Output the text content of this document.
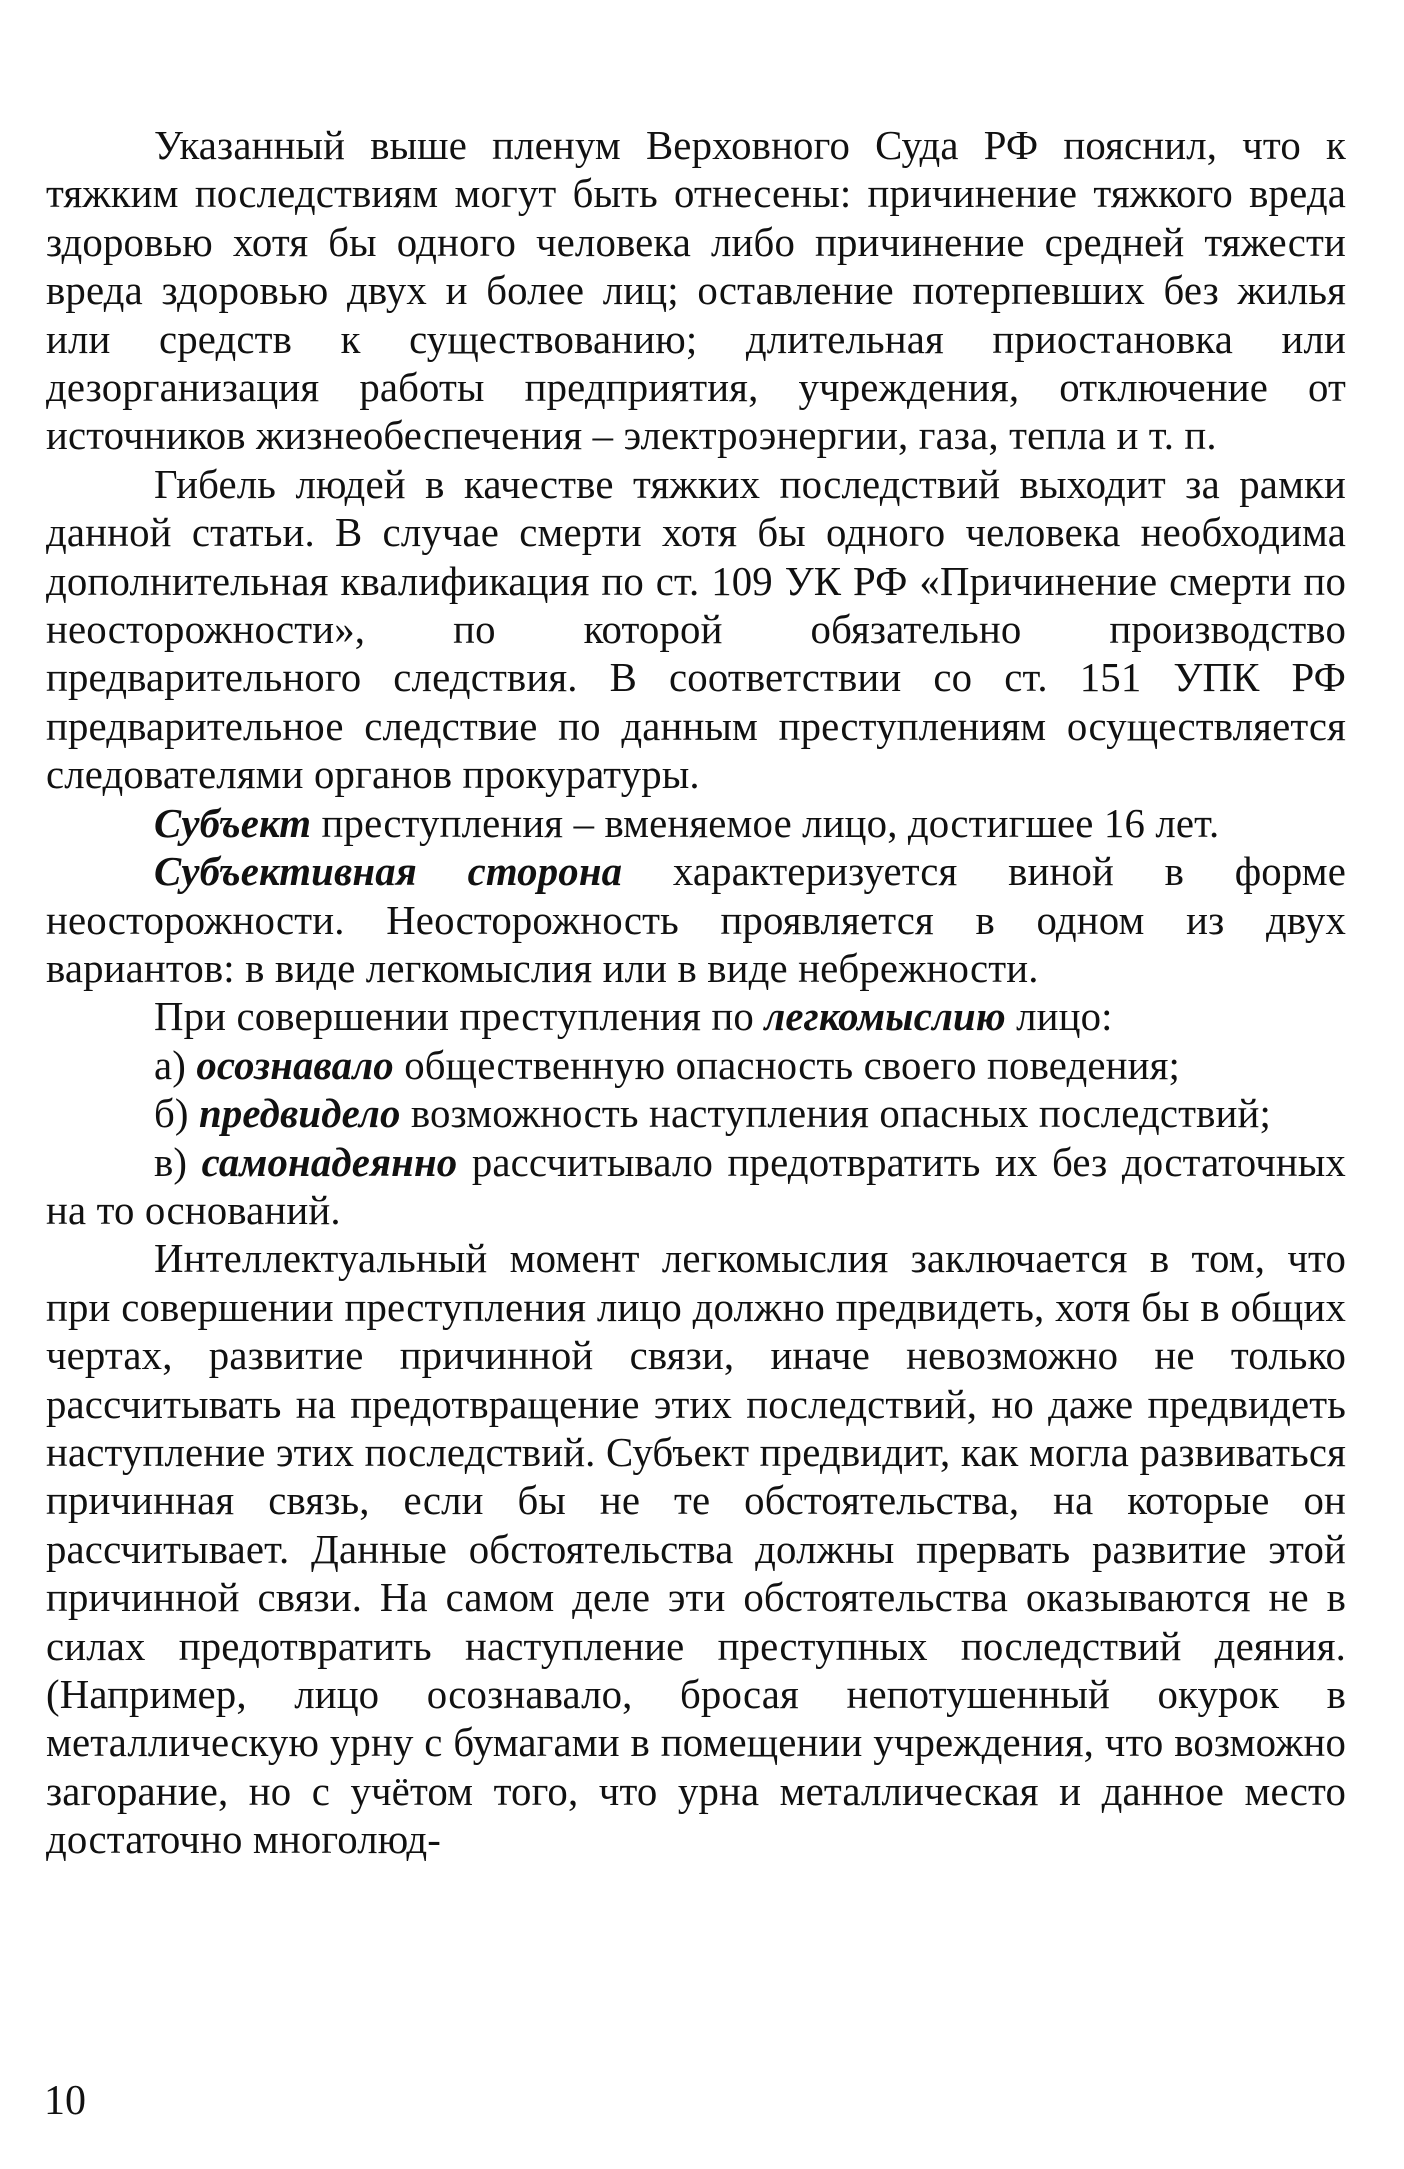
Указанный выше пленум Верховного Суда РФ пояснил, что к тяжким последствиям могут быть отнесены: причинение тяжкого вреда здоровью хотя бы одного человека либо причинение средней тяжести вреда здоровью двух и более лиц; оставление потерпевших без жилья или средств к существованию; длительная приостановка или дезорганизация работы предприятия, учреждения, отключение от источников жизнеобеспечения – электроэнергии, газа, тепла и т. п.

Гибель людей в качестве тяжких последствий выходит за рамки данной статьи. В случае смерти хотя бы одного человека необходима дополнительная квалификация по ст. 109 УК РФ «Причинение смерти по неосторожности», по которой обязательно производство предварительного следствия. В соответствии со ст. 151 УПК РФ предварительное следствие по данным преступлениям осуществляется следователями органов прокуратуры.

Субъект преступления – вменяемое лицо, достигшее 16 лет.

Субъективная сторона характеризуется виной в форме неосторожности. Неосторожность проявляется в одном из двух вариантов: в виде легкомыслия или в виде небрежности.

При совершении преступления по легкомыслию лицо:

а) осознавало общественную опасность своего поведения;

б) предвидело возможность наступления опасных последствий;

в) самонадеянно рассчитывало предотвратить их без достаточных на то оснований.

Интеллектуальный момент легкомыслия заключается в том, что при совершении преступления лицо должно предвидеть, хотя бы в общих чертах, развитие причинной связи, иначе невозможно не только рассчитывать на предотвращение этих последствий, но даже предвидеть наступление этих последствий. Субъект предвидит, как могла развиваться причинная связь, если бы не те обстоятельства, на которые он рассчитывает. Данные обстоятельства должны прервать развитие этой причинной связи. На самом деле эти обстоятельства оказываются не в силах предотвратить наступление преступных последствий деяния. (Например, лицо осознавало, бросая непотушенный окурок в металлическую урну с бумагами в помещении учреждения, что возможно загорание, но с учётом того, что урна металлическая и данное место достаточно многолюд-

10
